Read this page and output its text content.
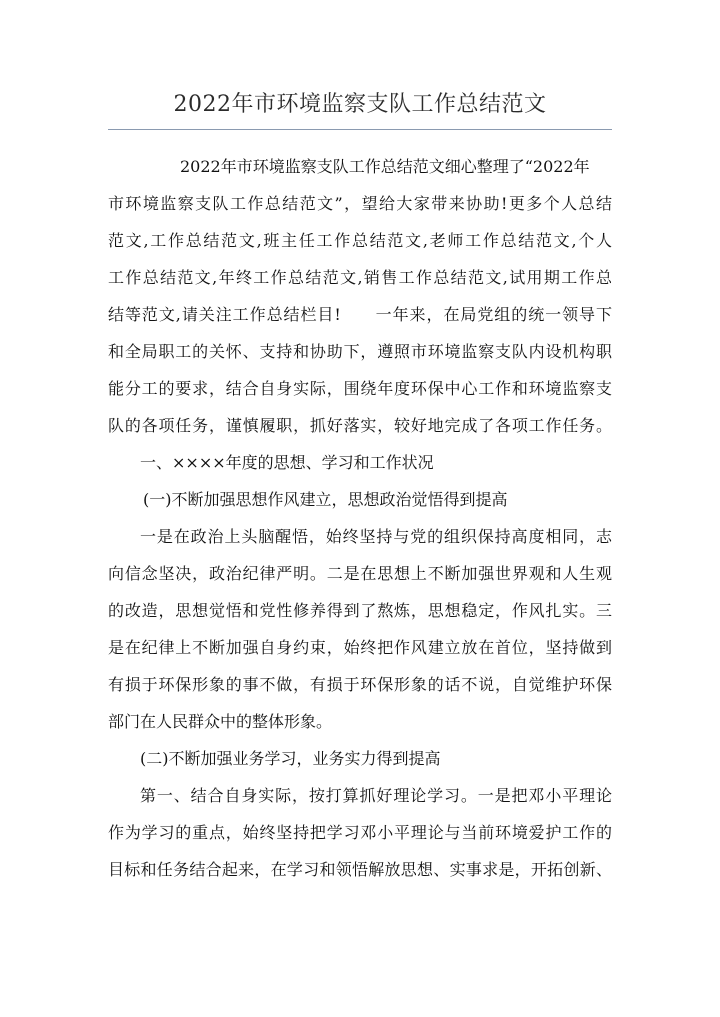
2022年市环境监察支队工作总结范文
2022年市环境监察支队工作总结范文细心整理了“2022年
市环境监察支队工作总结范文”，望给大家带来协助!更多个人总结
范文,工作总结范文,班主任工作总结范文,老师工作总结范文,个人
工作总结范文,年终工作总结范文,销售工作总结范文,试用期工作总
结等范文,请关注工作总结栏目!　　一年来，在局党组的统一领导下
和全局职工的关怀、支持和协助下，遵照市环境监察支队内设机构职
能分工的要求，结合自身实际，围绕年度环保中心工作和环境监察支
队的各项任务，谨慎履职，抓好落实，较好地完成了各项工作任务。
一、××××年度的思想、学习和工作状况
(一)不断加强思想作风建立，思想政治觉悟得到提高
一是在政治上头脑醒悟，始终坚持与党的组织保持高度相同，志
向信念坚决，政治纪律严明。二是在思想上不断加强世界观和人生观
的改造，思想觉悟和党性修养得到了熬炼，思想稳定，作风扎实。三
是在纪律上不断加强自身约束，始终把作风建立放在首位，坚持做到
有损于环保形象的事不做，有损于环保形象的话不说，自觉维护环保
部门在人民群众中的整体形象。
(二)不断加强业务学习，业务实力得到提高
第一、结合自身实际，按打算抓好理论学习。一是把邓小平理论
作为学习的重点，始终坚持把学习邓小平理论与当前环境爱护工作的
目标和任务结合起来，在学习和领悟解放思想、实事求是，开拓创新、
